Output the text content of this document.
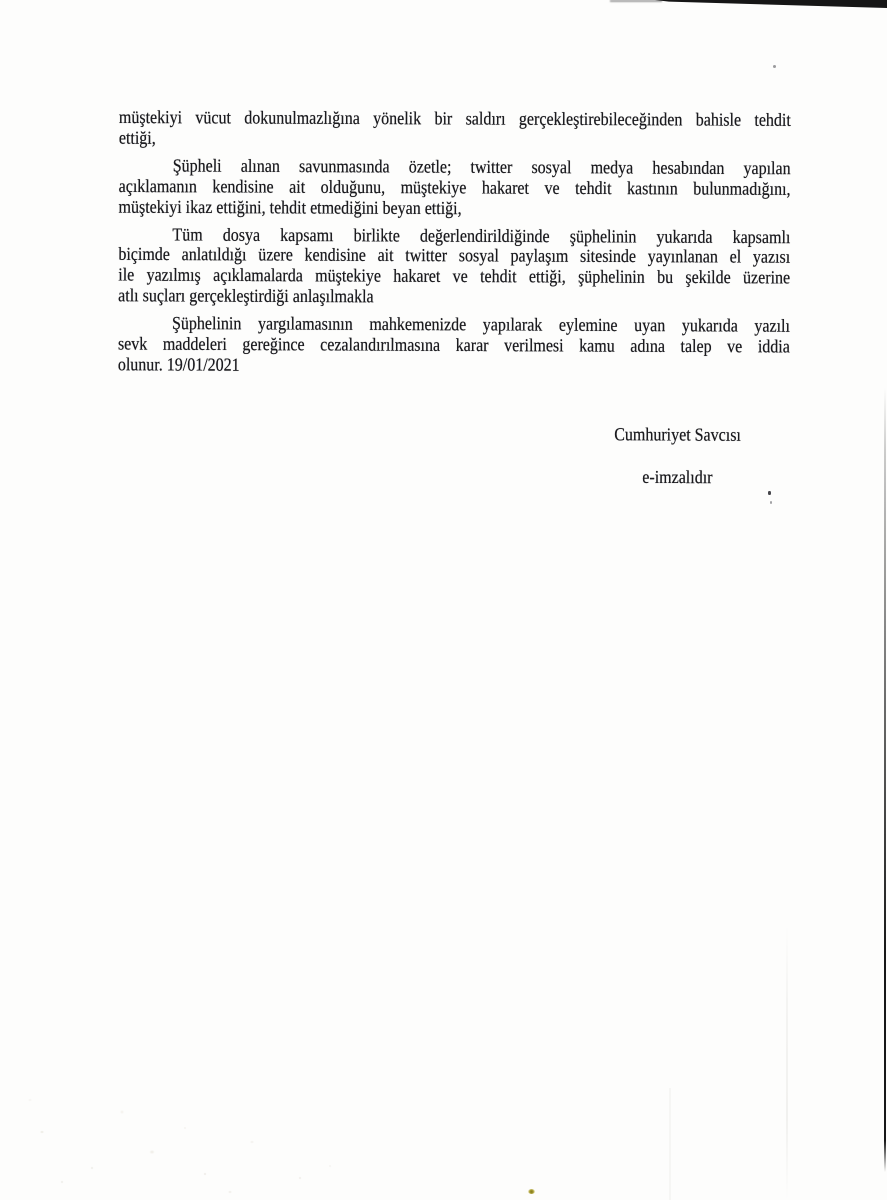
müştekiyi vücut dokunulmazlığına yönelik bir saldırı gerçekleştirebileceğinden bahisle tehdit
ettiği,
Şüpheli alınan savunmasında özetle; twitter sosyal medya hesabından yapılan
açıklamanın kendisine ait olduğunu, müştekiye hakaret ve tehdit kastının bulunmadığını,
müştekiyi ikaz ettiğini, tehdit etmediğini beyan ettiği,
Tüm dosya kapsamı birlikte değerlendirildiğinde şüphelinin yukarıda kapsamlı
biçimde anlatıldığı üzere kendisine ait twitter sosyal paylaşım sitesinde yayınlanan el yazısı
ile yazılmış açıklamalarda müştekiye hakaret ve tehdit ettiği, şüphelinin bu şekilde üzerine
atlı suçları gerçekleştirdiği anlaşılmakla
Şüphelinin yargılamasının mahkemenizde yapılarak eylemine uyan yukarıda yazılı
sevk maddeleri gereğince cezalandırılmasına karar verilmesi kamu adına talep ve iddia
olunur. 19/01/2021
Cumhuriyet Savcısı
e-imzalıdır
